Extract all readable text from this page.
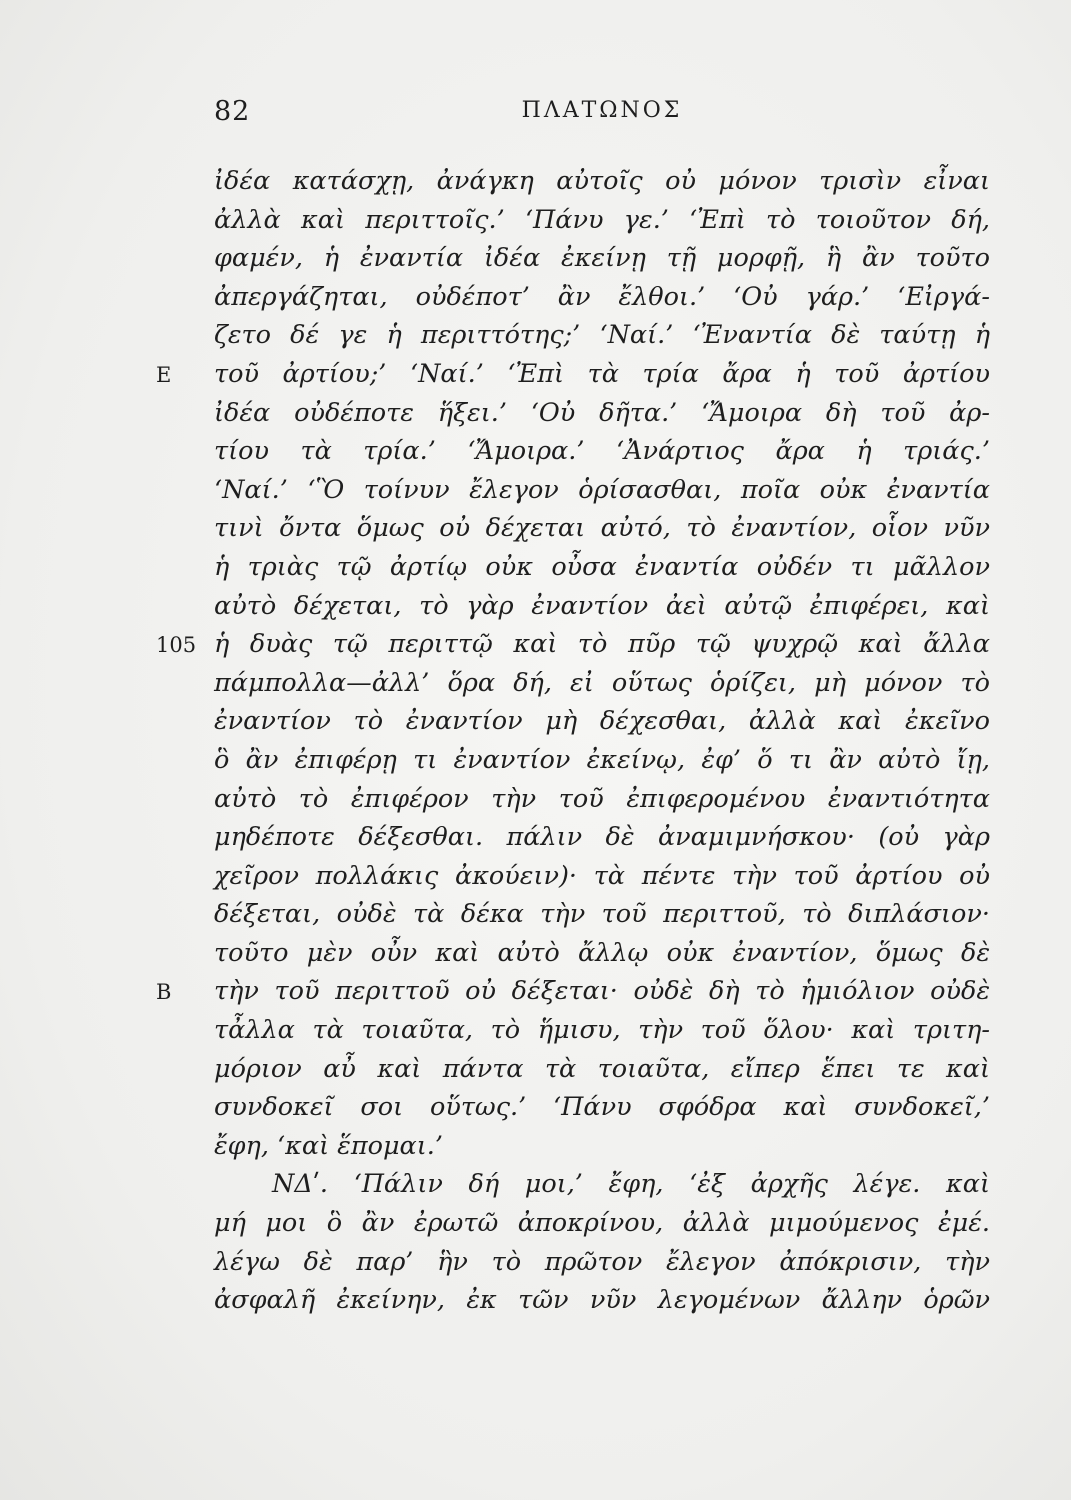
82	ΠΛΑΤΩΝΟΣ
ἰδέα κατάσχῃ, ἀνάγκη αὐτοῖς οὐ μόνον τρισὶν εἶναι
ἀλλὰ καὶ περιττοῖς.’ ‘Πάνυ γε.’ ‘Ἐπὶ τὸ τοιοῦτον δή,
φαμέν, ἡ ἐναντία ἰδέα ἐκείνῃ τῇ μορφῇ, ἣ ἂν τοῦτο
ἀπεργάζηται, οὐδέποτ’ ἂν ἔλθοι.’ ‘Οὐ γάρ.’ ‘Εἰργά-
ζετο δέ γε ἡ περιττότης;’ ‘Ναί.’ ‘Ἐναντία δὲ ταύτῃ ἡ
E	τοῦ ἀρτίου;’ ‘Ναί.’ ‘Ἐπὶ τὰ τρία ἄρα ἡ τοῦ ἀρτίου
ἰδέα οὐδέποτε ἥξει.’ ‘Οὐ δῆτα.’ ‘Ἄμοιρα δὴ τοῦ ἀρ-
τίου τὰ τρία.’ ‘Ἄμοιρα.’ ‘Ἀνάρτιος ἄρα ἡ τριάς.’
‘Ναί.’ ‘Ὃ τοίνυν ἔλεγον ὁρίσασθαι, ποῖα οὐκ ἐναντία
τινὶ ὄντα ὅμως οὐ δέχεται αὐτό, τὸ ἐναντίον, οἷον νῦν
ἡ τριὰς τῷ ἀρτίῳ οὐκ οὖσα ἐναντία οὐδέν τι μᾶλλον
αὐτὸ δέχεται, τὸ γὰρ ἐναντίον ἀεὶ αὐτῷ ἐπιφέρει, καὶ
105 ἡ δυὰς τῷ περιττῷ καὶ τὸ πῦρ τῷ ψυχρῷ καὶ ἄλλα
πάμπολλα—ἀλλ’ ὅρα δή, εἰ οὕτως ὁρίζει, μὴ μόνον τὸ
ἐναντίον τὸ ἐναντίον μὴ δέχεσθαι, ἀλλὰ καὶ ἐκεῖνο
ὃ ἂν ἐπιφέρῃ τι ἐναντίον ἐκείνῳ, ἐφ’ ὅ τι ἂν αὐτὸ ἴῃ,
αὐτὸ τὸ ἐπιφέρον τὴν τοῦ ἐπιφερομένου ἐναντιότητα
μηδέποτε δέξεσθαι. πάλιν δὲ ἀναμιμνήσκου· (οὐ γὰρ
χεῖρον πολλάκις ἀκούειν)· τὰ πέντε τὴν τοῦ ἀρτίου οὐ
δέξεται, οὐδὲ τὰ δέκα τὴν τοῦ περιττοῦ, τὸ διπλάσιον·
τοῦτο μὲν οὖν καὶ αὐτὸ ἄλλῳ οὐκ ἐναντίον, ὅμως δὲ
B	τὴν τοῦ περιττοῦ οὐ δέξεται· οὐδὲ δὴ τὸ ἡμιόλιον οὐδὲ
τἆλλα τὰ τοιαῦτα, τὸ ἥμισυ, τὴν τοῦ ὅλου· καὶ τριτη-
μόριον αὖ καὶ πάντα τὰ τοιαῦτα, εἴπερ ἕπει τε καὶ
συνδοκεῖ σοι οὕτως.’ ‘Πάνυ σφόδρα καὶ συνδοκεῖ,’
ἔφη, ‘καὶ ἕπομαι.’
ΝΔʹ. ‘Πάλιν δή μοι,’ ἔφη, ‘ἐξ ἀρχῆς λέγε. καὶ
μή μοι ὃ ἂν ἐρωτῶ ἀποκρίνου, ἀλλὰ μιμούμενος ἐμέ.
λέγω δὲ παρ’ ἣν τὸ πρῶτον ἔλεγον ἀπόκρισιν, τὴν
ἀσφαλῆ ἐκείνην, ἐκ τῶν νῦν λεγομένων ἄλλην ὁρῶν
